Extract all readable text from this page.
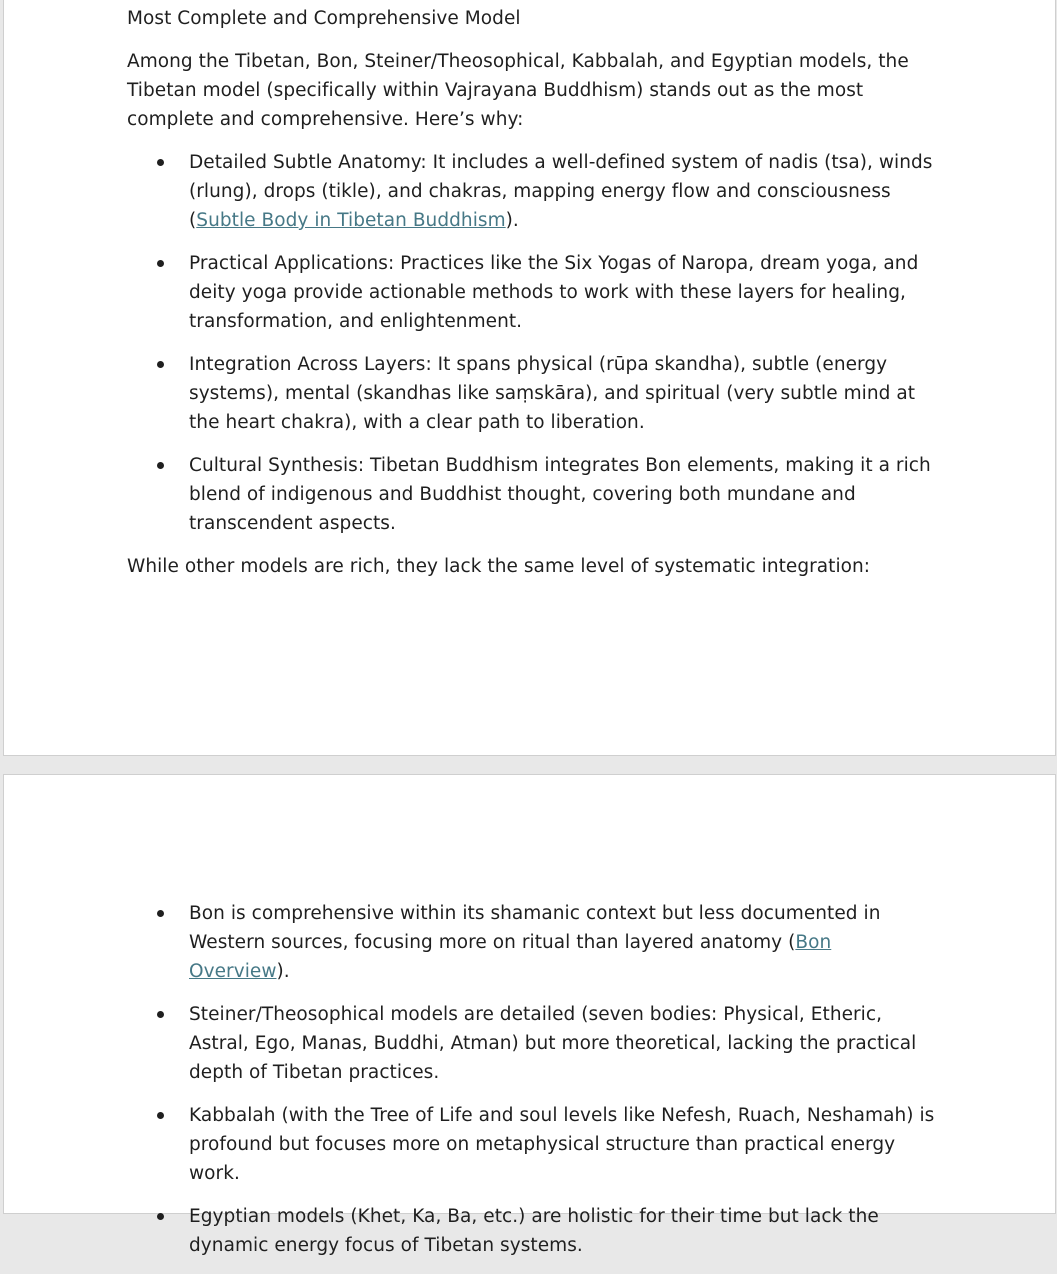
Most Complete and Comprehensive Model

Among the Tibetan, Bon, Steiner/Theosophical, Kabbalah, and Egyptian models, the Tibetan model (specifically within Vajrayana Buddhism) stands out as the most complete and comprehensive. Here’s why:

Detailed Subtle Anatomy: It includes a well-defined system of nadis (tsa), winds (rlung), drops (tikle), and chakras, mapping energy flow and consciousness (Subtle Body in Tibetan Buddhism).
Practical Applications: Practices like the Six Yogas of Naropa, dream yoga, and deity yoga provide actionable methods to work with these layers for healing, transformation, and enlightenment.
Integration Across Layers: It spans physical (rūpa skandha), subtle (energy systems), mental (skandhas like saṃskāra), and spiritual (very subtle mind at the heart chakra), with a clear path to liberation.
Cultural Synthesis: Tibetan Buddhism integrates Bon elements, making it a rich blend of indigenous and Buddhist thought, covering both mundane and transcendent aspects.

While other models are rich, they lack the same level of systematic integration:

Bon is comprehensive within its shamanic context but less documented in Western sources, focusing more on ritual than layered anatomy (Bon Overview).
Steiner/Theosophical models are detailed (seven bodies: Physical, Etheric, Astral, Ego, Manas, Buddhi, Atman) but more theoretical, lacking the practical depth of Tibetan practices.
Kabbalah (with the Tree of Life and soul levels like Nefesh, Ruach, Neshamah) is profound but focuses more on metaphysical structure than practical energy work.
Egyptian models (Khet, Ka, Ba, etc.) are holistic for their time but lack the dynamic energy focus of Tibetan systems.
